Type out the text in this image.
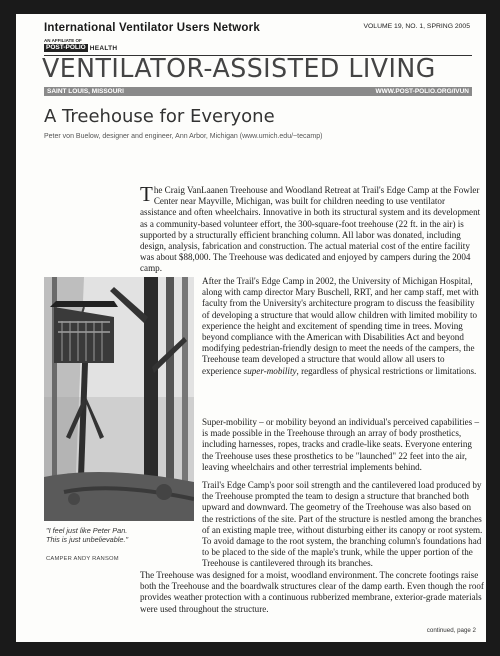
International Ventilator Users Network	VOLUME 19, NO. 1, SPRING 2005
AN AFFILIATE OF
POST-POLIO HEALTH
VENTILATOR-ASSISTED LIVING
SAINT LOUIS, MISSOURI	WWW.POST-POLIO.ORG/IVUN
A Treehouse for Everyone
Peter von Buelow, designer and engineer, Ann Arbor, Michigan (www.umich.edu/~tecamp)

The Craig VanLaanen Treehouse and Woodland Retreat at Trail's Edge Camp at the Fowler Center near Mayville, Michigan, was built for children needing to use ventilator assistance and often wheelchairs. Innovative in both its structural system and its development as a community-based volunteer effort, the 300-square-foot treehouse (22 ft. in the air) is supported by a structurally efficient branching column. All labor was donated, including design, analysis, fabrication and construction. The actual material cost of the entire facility was about $88,000. The Treehouse was dedicated and enjoyed by campers during the 2004 camp.

After the Trail's Edge Camp in 2002, the University of Michigan Hospital, along with camp director Mary Buschell, RRT, and her camp staff, met with faculty from the University's architecture program to discuss the feasibility of developing a structure that would allow children with limited mobility to experience the height and excitement of spending time in trees. Moving beyond compliance with the American with Disabilities Act and beyond modifying pedestrian-friendly design to meet the needs of the campers, the Treehouse team developed a structure that would allow all users to experience super-mobility, regardless of physical restrictions or limitations.

Super-mobility – or mobility beyond an individual's perceived capabilities – is made possible in the Treehouse through an array of body prosthetics, including harnesses, ropes, tracks and cradle-like seats. Everyone entering the Treehouse uses these prosthetics to be "launched" 22 feet into the air, leaving wheelchairs and other terrestrial implements behind.

Trail's Edge Camp's poor soil strength and the cantilevered load produced by the Treehouse prompted the team to design a structure that branched both upward and downward. The geometry of the Treehouse was also based on the restrictions of the site. Part of the structure is nestled among the branches of an existing maple tree, without disturbing either its canopy or root system. To avoid damage to the root system, the branching column's foundations had to be placed to the side of the maple's trunk, while the upper portion of the Treehouse is cantilevered through its branches.

"I feel just like Peter Pan. This is just unbelievable."
CAMPER ANDY RANSOM

The Treehouse was designed for a moist, woodland environment. The concrete footings raise both the Treehouse and the boardwalk structures clear of the damp earth. Even though the roof provides weather protection with a continuous rubberized membrane, exterior-grade materials were used throughout the structure.

continued, page 2
